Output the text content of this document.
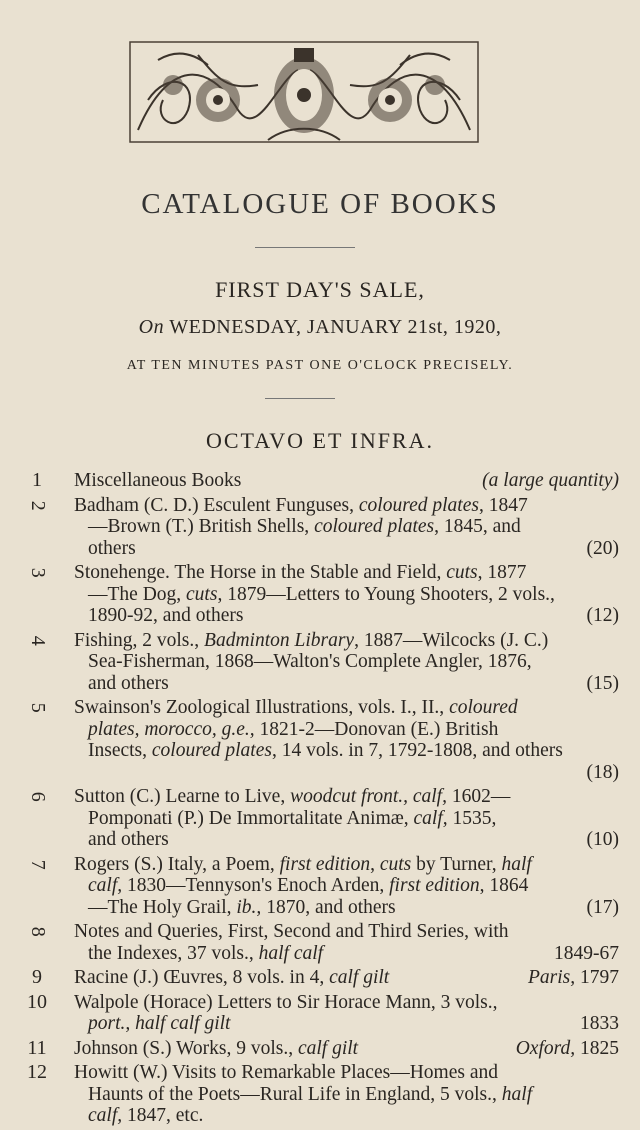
CATALOGUE OF BOOKS
FIRST DAY'S SALE,
On WEDNESDAY, JANUARY 21st, 1920,
AT TEN MINUTES PAST ONE O'CLOCK PRECISELY.
OCTAVO ET INFRA.
1	Miscellaneous Books	(a large quantity)
2 Badham (C. D.) Esculent Funguses, coloured plates, 1847
—Brown (T.) British Shells, coloured plates, 1845, and
others	(20)
3 Stonehenge. The Horse in the Stable and Field, cuts, 1877
—The Dog, cuts, 1879—Letters to Young Shooters, 2 vols.,
1890-92, and others	(12)
4 Fishing, 2 vols., Badminton Library, 1887—Wilcocks (J. C.)
Sea-Fisherman, 1868—Walton's Complete Angler, 1876,
and others	(15)
5 Swainson's Zoological Illustrations, vols. I., II., coloured
plates, morocco, g.e., 1821-2—Donovan (E.) British
Insects, coloured plates, 14 vols. in 7, 1792-1808, and others
(18)
6 Sutton (C.) Learne to Live, woodcut front., calf, 1602—
Pomponati (P.) De Immortalitate Animæ, calf, 1535,
and others	(10)
7 Rogers (S.) Italy, a Poem, first edition, cuts by Turner, half
calf, 1830—Tennyson's Enoch Arden, first edition, 1864
—The Holy Grail, ib., 1870, and others	(17)
8 Notes and Queries, First, Second and Third Series, with
the Indexes, 37 vols., half calf	1849-67
9	Racine (J.) Œuvres, 8 vols. in 4, calf gilt	Paris, 1797
10	Walpole (Horace) Letters to Sir Horace Mann, 3 vols.,
port., half calf gilt	1833
11	Johnson (S.) Works, 9 vols., calf gilt	Oxford, 1825
12	Howitt (W.) Visits to Remarkable Places—Homes and
Haunts of the Poets—Rural Life in England, 5 vols., half
calf, 1847, etc.
